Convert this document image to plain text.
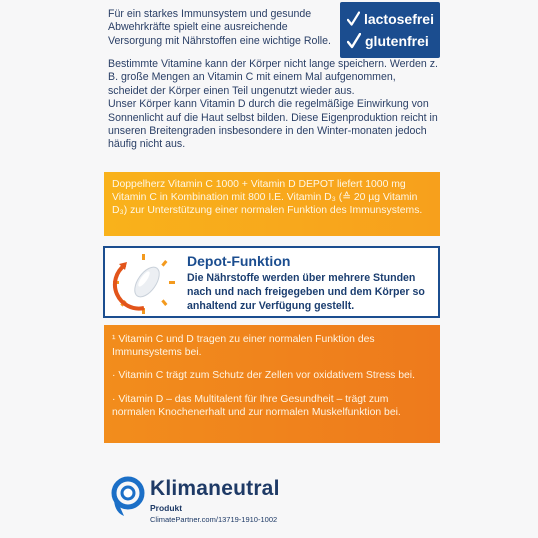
Für ein starkes Immunsystem und gesunde Abwehrkräfte spielt eine ausreichende Versorgung mit Nährstoffen eine wichtige Rolle.

lactosefrei
glutenfrei
Bestimmte Vitamine kann der Körper nicht lange speichern. Werden z. B. große Mengen an Vitamin C mit einem Mal aufgenommen, scheidet der Körper einen Teil ungenutzt wieder aus.
Unser Körper kann Vitamin D durch die regelmäßige Einwirkung von Sonnenlicht auf die Haut selbst bilden. Diese Eigenproduktion reicht in unseren Breitengraden insbesondere in den Winter-monaten jedoch häufig nicht aus.
Doppelherz Vitamin C 1000 + Vitamin D DEPOT liefert 1000 mg Vitamin C in Kombination mit 800 I.E. Vitamin D₃ (≙ 20 µg Vitamin D₃) zur Unterstützung einer normalen Funktion des Immunsystems.
Depot-Funktion
Die Nährstoffe werden über mehrere Stunden nach und nach freigegeben und dem Körper so anhaltend zur Verfügung gestellt.
¹ Vitamin C und D tragen zu einer normalen Funktion des Immunsystems bei.
· Vitamin C trägt zum Schutz der Zellen vor oxidativem Stress bei.
· Vitamin D – das Multitalent für Ihre Gesundheit – trägt zum normalen Knochenerhalt und zur normalen Muskelfunktion bei.
Klimaneutral
Produkt
ClimatePartner.com/13719-1910-1002
